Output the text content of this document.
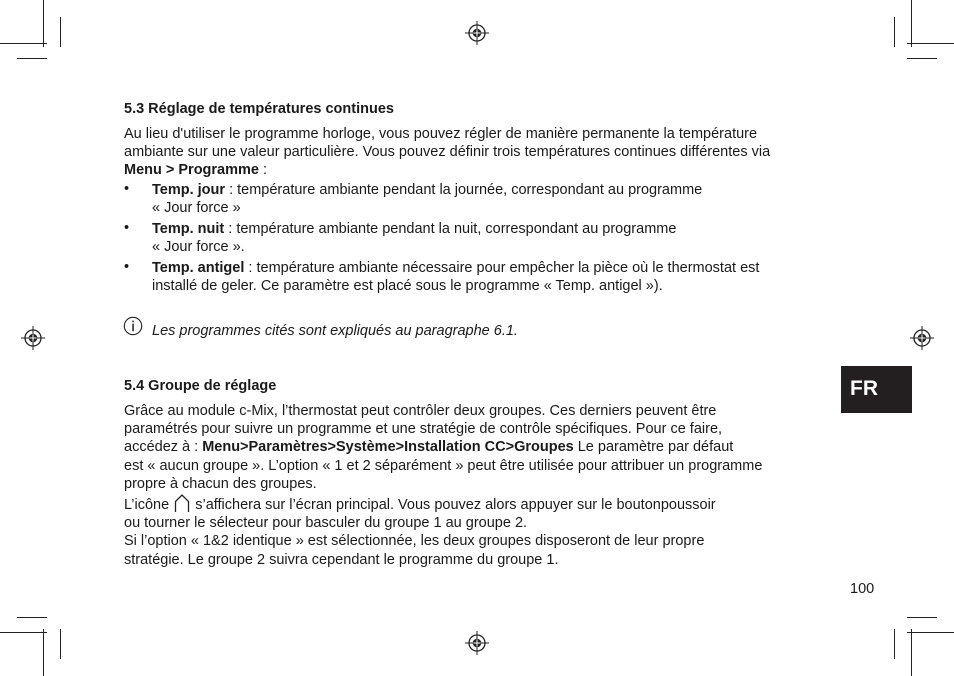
5.3 Réglage de températures continues

Au lieu d'utiliser le programme horloge, vous pouvez régler de manière permanente la température
ambiante sur une valeur particulière. Vous pouvez définir trois températures continues différentes via
Menu > Programme :

• Temp. jour : température ambiante pendant la journée, correspondant au programme
« Jour force »

• Temp. nuit : température ambiante pendant la nuit, correspondant au programme
« Jour force ».

• Temp. antigel : température ambiante nécessaire pour empêcher la pièce où le thermostat est
installé de geler. Ce paramètre est placé sous le programme « Temp. antigel »).

Les programmes cités sont expliqués au paragraphe 6.1.
5.4 Groupe de réglage

Grâce au module c-Mix, l’thermostat peut contrôler deux groupes. Ces derniers peuvent être
paramétrés pour suivre un programme et une stratégie de contrôle spécifiques. Pour ce faire,
accédez à : Menu>Paramètres>Système>Installation CC>Groupes Le paramètre par défaut
est « aucun groupe ». L’option « 1 et 2 séparément » peut être utilisée pour attribuer un programme
propre à chacun des groupes.
L’icône  s’affichera sur l’écran principal. Vous pouvez alors appuyer sur le boutonpoussoir
ou tourner le sélecteur pour basculer du groupe 1 au groupe 2.
Si l’option « 1&2 identique » est sélectionnée, les deux groupes disposeront de leur propre
stratégie. Le groupe 2 suivra cependant le programme du groupe 1.

FR
100
